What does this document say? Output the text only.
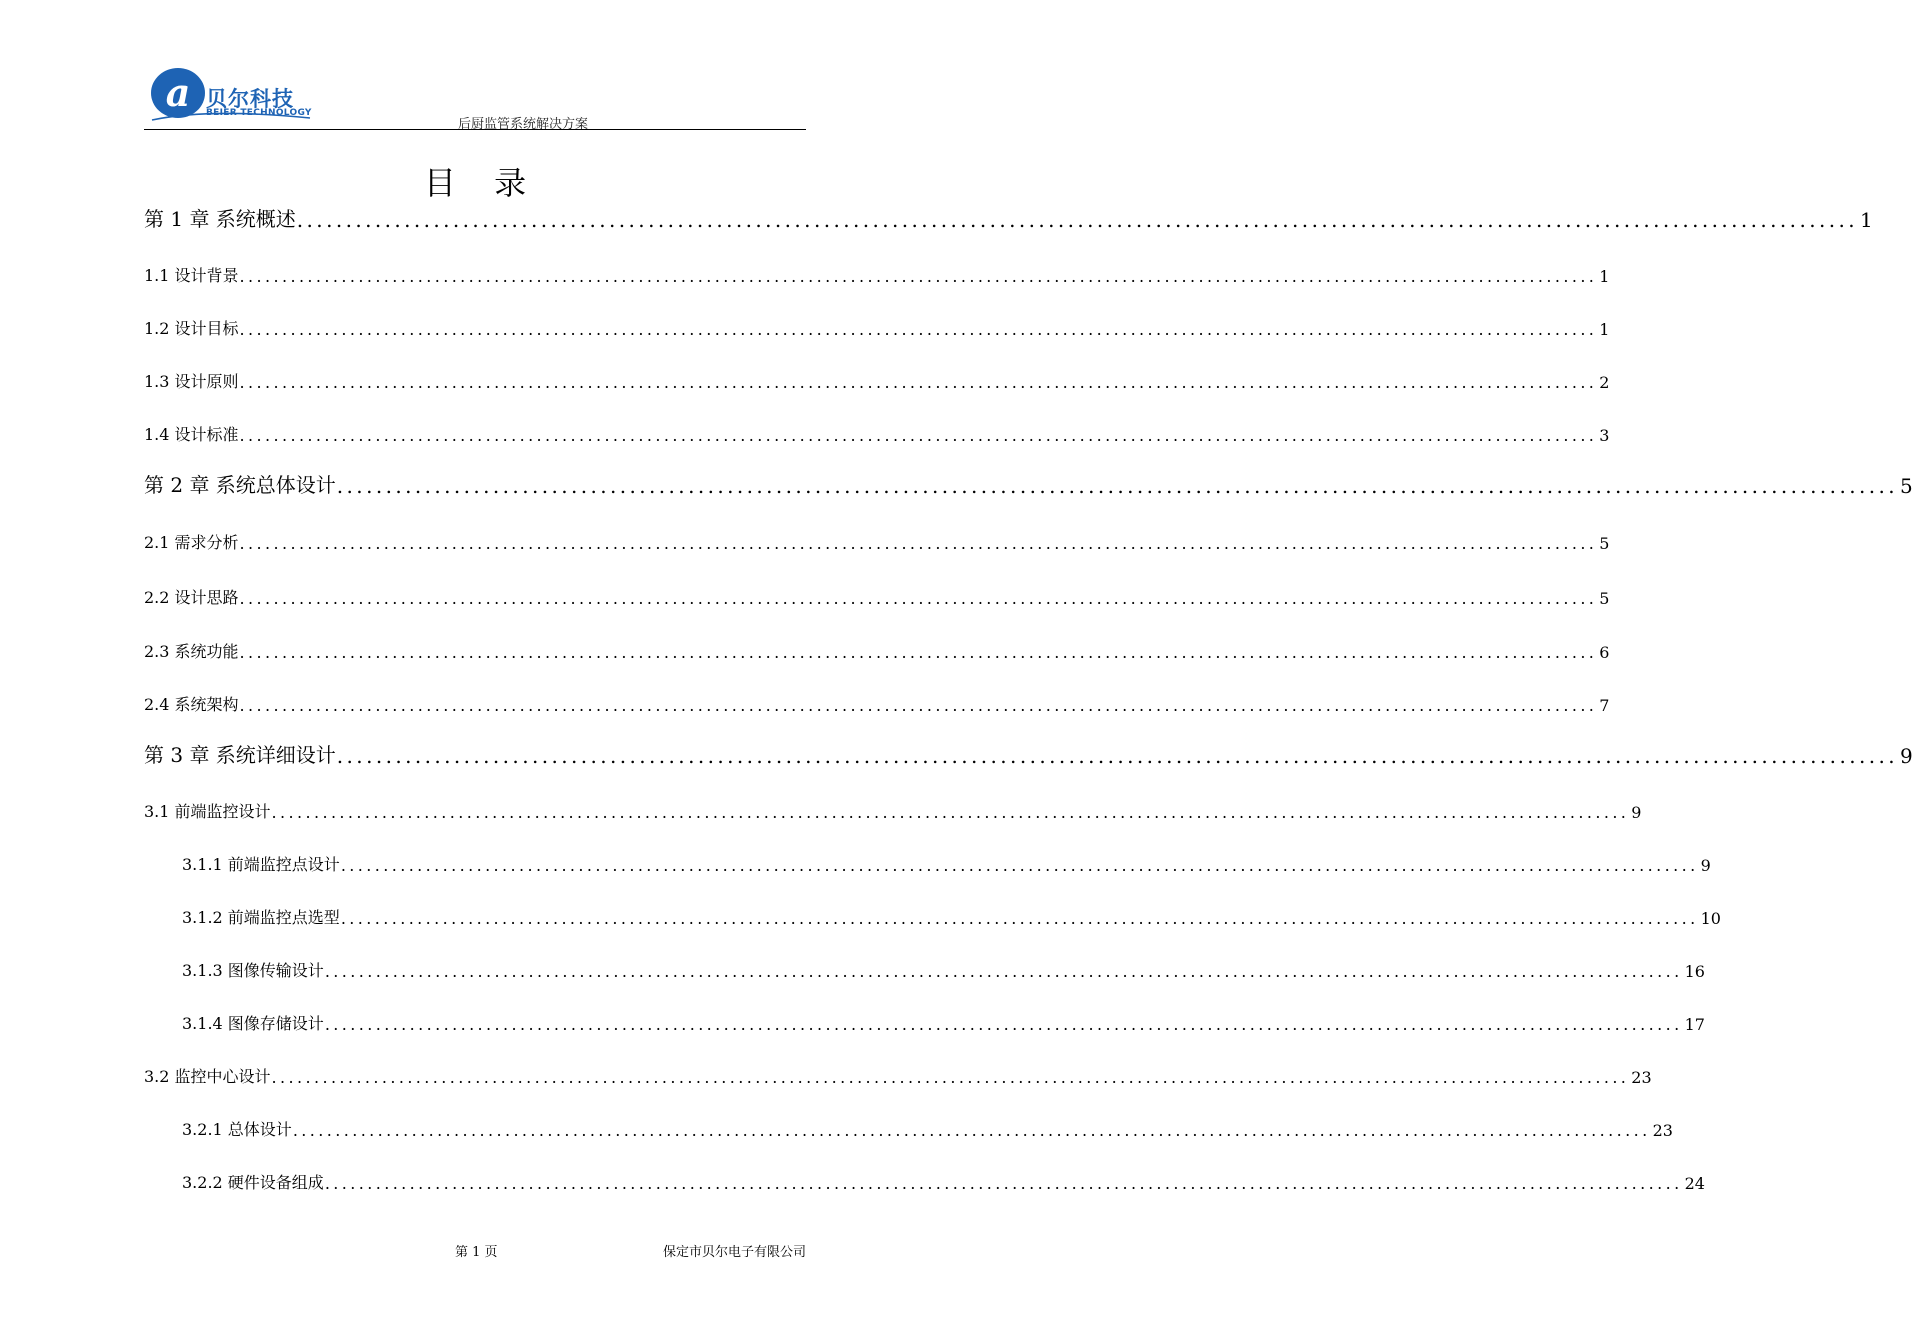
a 贝尔科技
BEIER TECHNOLOGY
后厨监管系统解决方案
目 录
第 1 章 系统概述 ................................................................................................................................................................ 1
1.1 设计背景 ................................................................................................................................................................ 1
1.2 设计目标 ................................................................................................................................................................ 1
1.3 设计原则 ................................................................................................................................................................ 2
1.4 设计标准 ................................................................................................................................................................ 3
第 2 章 系统总体设计 ................................................................................................................................................................ 5
2.1 需求分析 ................................................................................................................................................................ 5
2.2 设计思路 ................................................................................................................................................................ 5
2.3 系统功能 ................................................................................................................................................................ 6
2.4 系统架构 ................................................................................................................................................................ 7
第 3 章 系统详细设计 ................................................................................................................................................................ 9
3.1 前端监控设计 ................................................................................................................................................................ 9
3.1.1 前端监控点设计 ................................................................................................................................................................ 9
3.1.2 前端监控点选型 ................................................................................................................................................................ 10
3.1.3 图像传输设计 ................................................................................................................................................................ 16
3.1.4 图像存储设计 ................................................................................................................................................................ 17
3.2 监控中心设计 ................................................................................................................................................................ 23
3.2.1 总体设计 ................................................................................................................................................................ 23
3.2.2 硬件设备组成 ................................................................................................................................................................ 24
第 1 页	保定市贝尔电子有限公司
